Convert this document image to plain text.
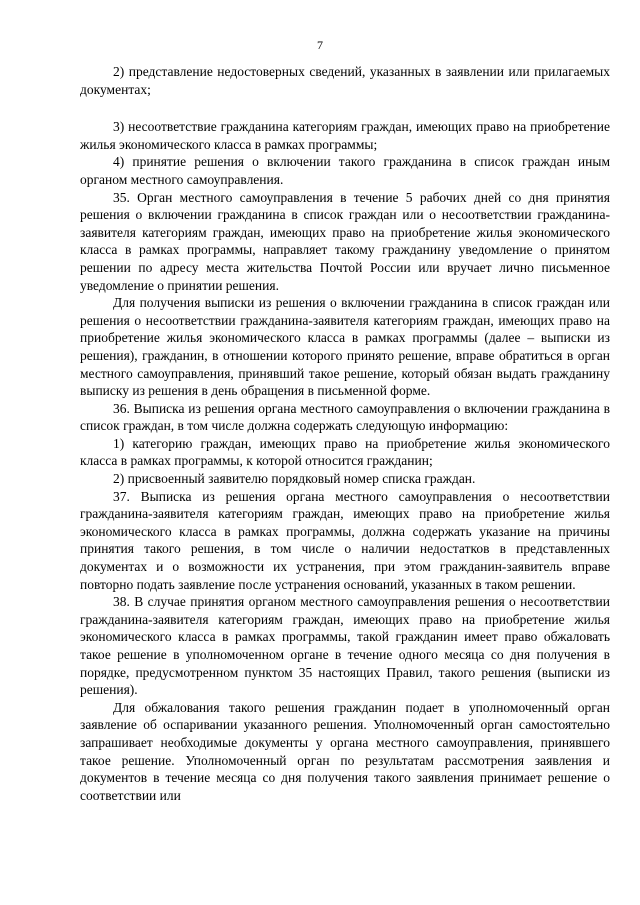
7

2) представление недостоверных сведений, указанных в заявлении или прилагаемых документах;

3) несоответствие гражданина категориям граждан, имеющих право на приобретение жилья экономического класса в рамках программы;

4) принятие решения о включении такого гражданина в список граждан иным органом местного самоуправления.

35. Орган местного самоуправления в течение 5 рабочих дней со дня принятия решения о включении гражданина в список граждан или о несоответствии гражданина-заявителя категориям граждан, имеющих право на приобретение жилья экономического класса в рамках программы, направляет такому гражданину уведомление о принятом решении по адресу места жительства Почтой России или вручает лично письменное уведомление о принятии решения.

Для получения выписки из решения о включении гражданина в список граждан или решения о несоответствии гражданина-заявителя категориям граждан, имеющих право на приобретение жилья экономического класса в рамках программы (далее – выписки из решения), гражданин, в отношении которого принято решение, вправе обратиться в орган местного самоуправления, принявший такое решение, который обязан выдать гражданину выписку из решения в день обращения в письменной форме.

36. Выписка из решения органа местного самоуправления о включении гражданина в список граждан, в том числе должна содержать следующую информацию:

1) категорию граждан, имеющих право на приобретение жилья экономического класса в рамках программы, к которой относится гражданин;

2) присвоенный заявителю порядковый номер списка граждан.

37. Выписка из решения органа местного самоуправления о несоответствии гражданина-заявителя категориям граждан, имеющих право на приобретение жилья экономического класса в рамках программы, должна содержать указание на причины принятия такого решения, в том числе о наличии недостатков в представленных документах и о возможности их устранения, при этом гражданин-заявитель вправе повторно подать заявление после устранения оснований, указанных в таком решении.

38. В случае принятия органом местного самоуправления решения о несоответствии гражданина-заявителя категориям граждан, имеющих право на приобретение жилья экономического класса в рамках программы, такой гражданин имеет право обжаловать такое решение в уполномоченном органе в течение одного месяца со дня получения в порядке, предусмотренном пунктом 35 настоящих Правил, такого решения (выписки из решения).

Для обжалования такого решения гражданин подает в уполномоченный орган заявление об оспаривании указанного решения. Уполномоченный орган самостоятельно запрашивает необходимые документы у органа местного самоуправления, принявшего такое решение. Уполномоченный орган по результатам рассмотрения заявления и документов в течение месяца со дня получения такого заявления принимает решение о соответствии или
